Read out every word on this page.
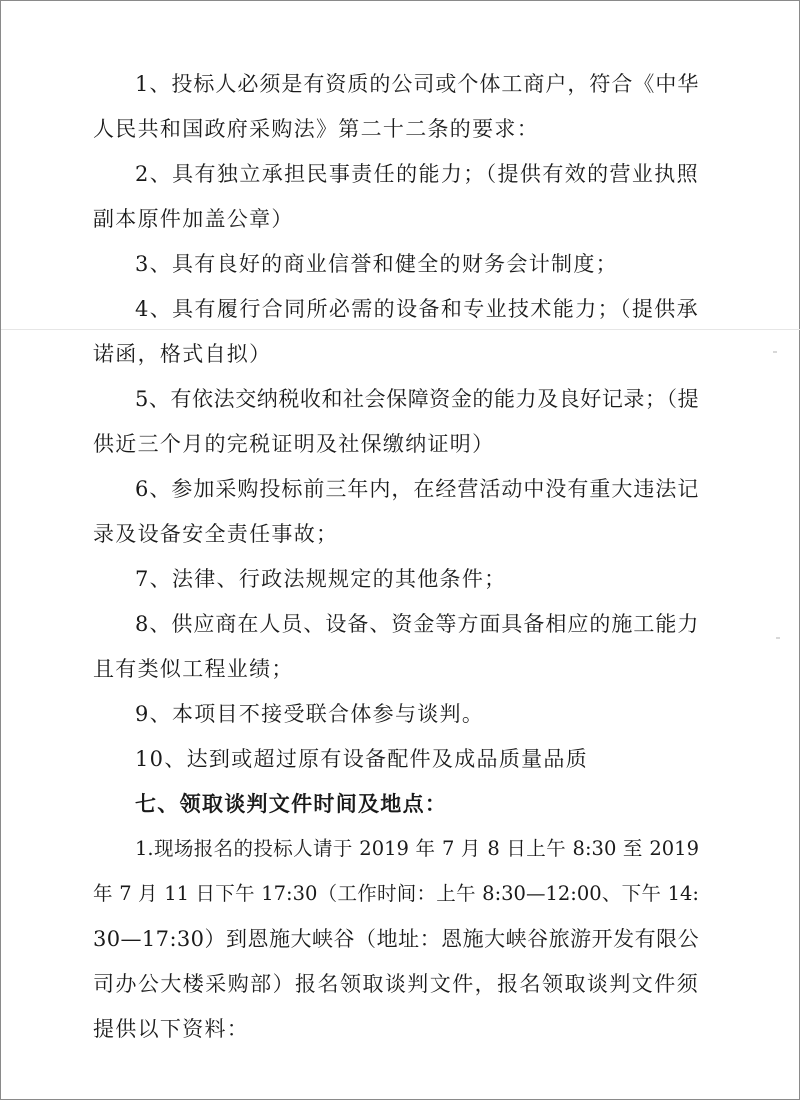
1、投标人必须是有资质的公司或个体工商户，符合《中华
人民共和国政府采购法》第二十二条的要求：
2、具有独立承担民事责任的能力；（提供有效的营业执照
副本原件加盖公章）
3、具有良好的商业信誉和健全的财务会计制度；
4、具有履行合同所必需的设备和专业技术能力；（提供承
诺函，格式自拟）
5、有依法交纳税收和社会保障资金的能力及良好记录；（提
供近三个月的完税证明及社保缴纳证明）
6、参加采购投标前三年内，在经营活动中没有重大违法记
录及设备安全责任事故；
7、法律、行政法规规定的其他条件；
8、供应商在人员、设备、资金等方面具备相应的施工能力
且有类似工程业绩；
9、本项目不接受联合体参与谈判。
10、达到或超过原有设备配件及成品质量品质
七、领取谈判文件时间及地点：
1.现场报名的投标人请于 2019 年 7 月 8 日上午 8:30 至 2019
年 7 月 11 日下午 17:30（工作时间：上午 8:30—12:00、下午 14:
30—17:30）到恩施大峡谷（地址：恩施大峡谷旅游开发有限公
司办公大楼采购部）报名领取谈判文件，报名领取谈判文件须
提供以下资料：
